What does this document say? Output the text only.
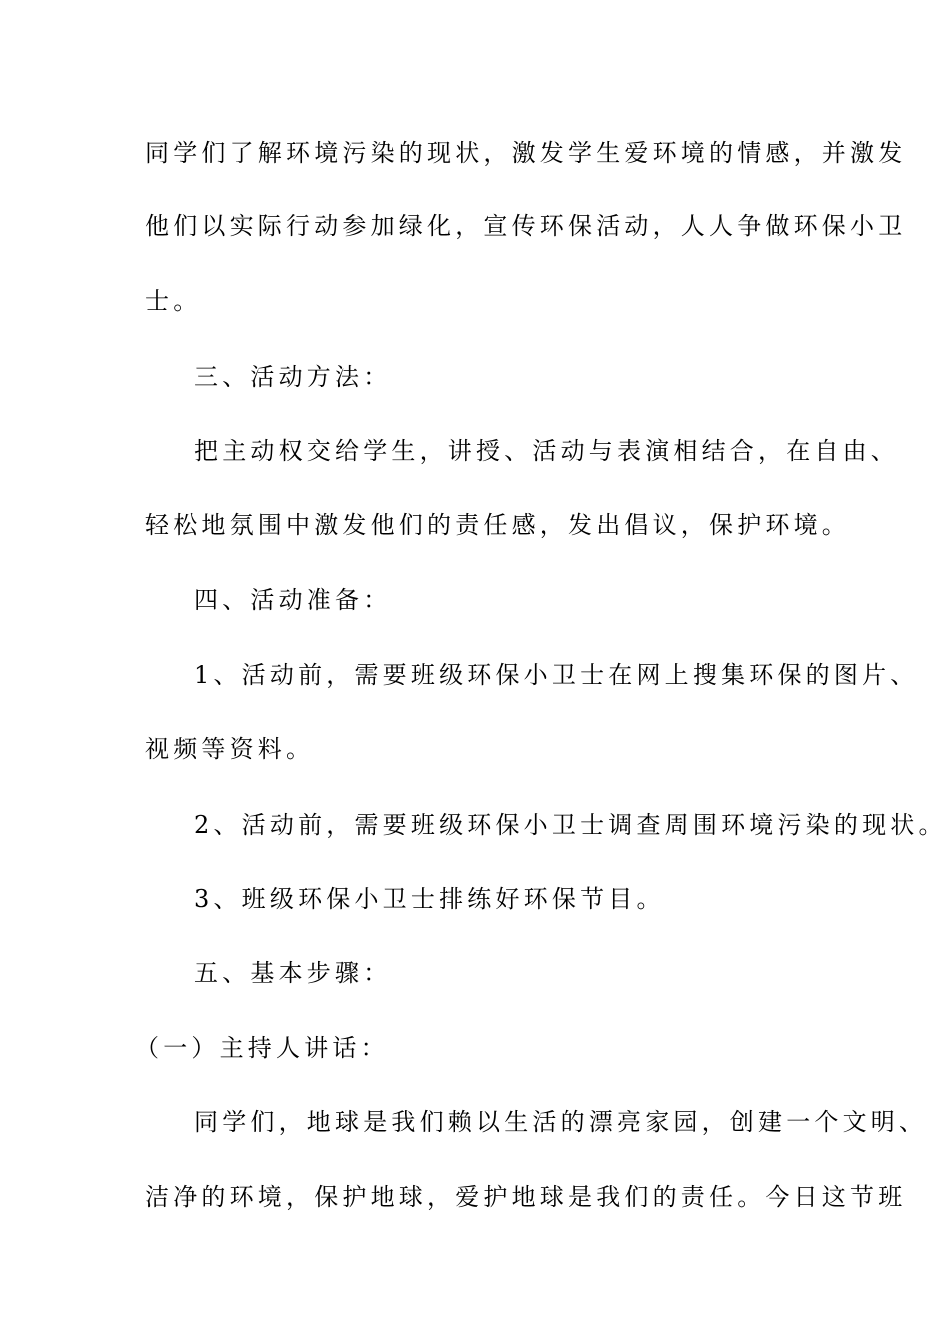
同学们了解环境污染的现状，激发学生爱环境的情感，并激发
他们以实际行动参加绿化，宣传环保活动，人人争做环保小卫
士。
三、活动方法：
把主动权交给学生，讲授、活动与表演相结合，在自由、
轻松地氛围中激发他们的责任感，发出倡议，保护环境。
四、活动准备：
1、活动前，需要班级环保小卫士在网上搜集环保的图片、
视频等资料。
2、活动前，需要班级环保小卫士调查周围环境污染的现状。
3、班级环保小卫士排练好环保节目。
五、基本步骤：
（一）主持人讲话：
同学们，地球是我们赖以生活的漂亮家园，创建一个文明、
洁净的环境，保护地球，爱护地球是我们的责任。今日这节班
